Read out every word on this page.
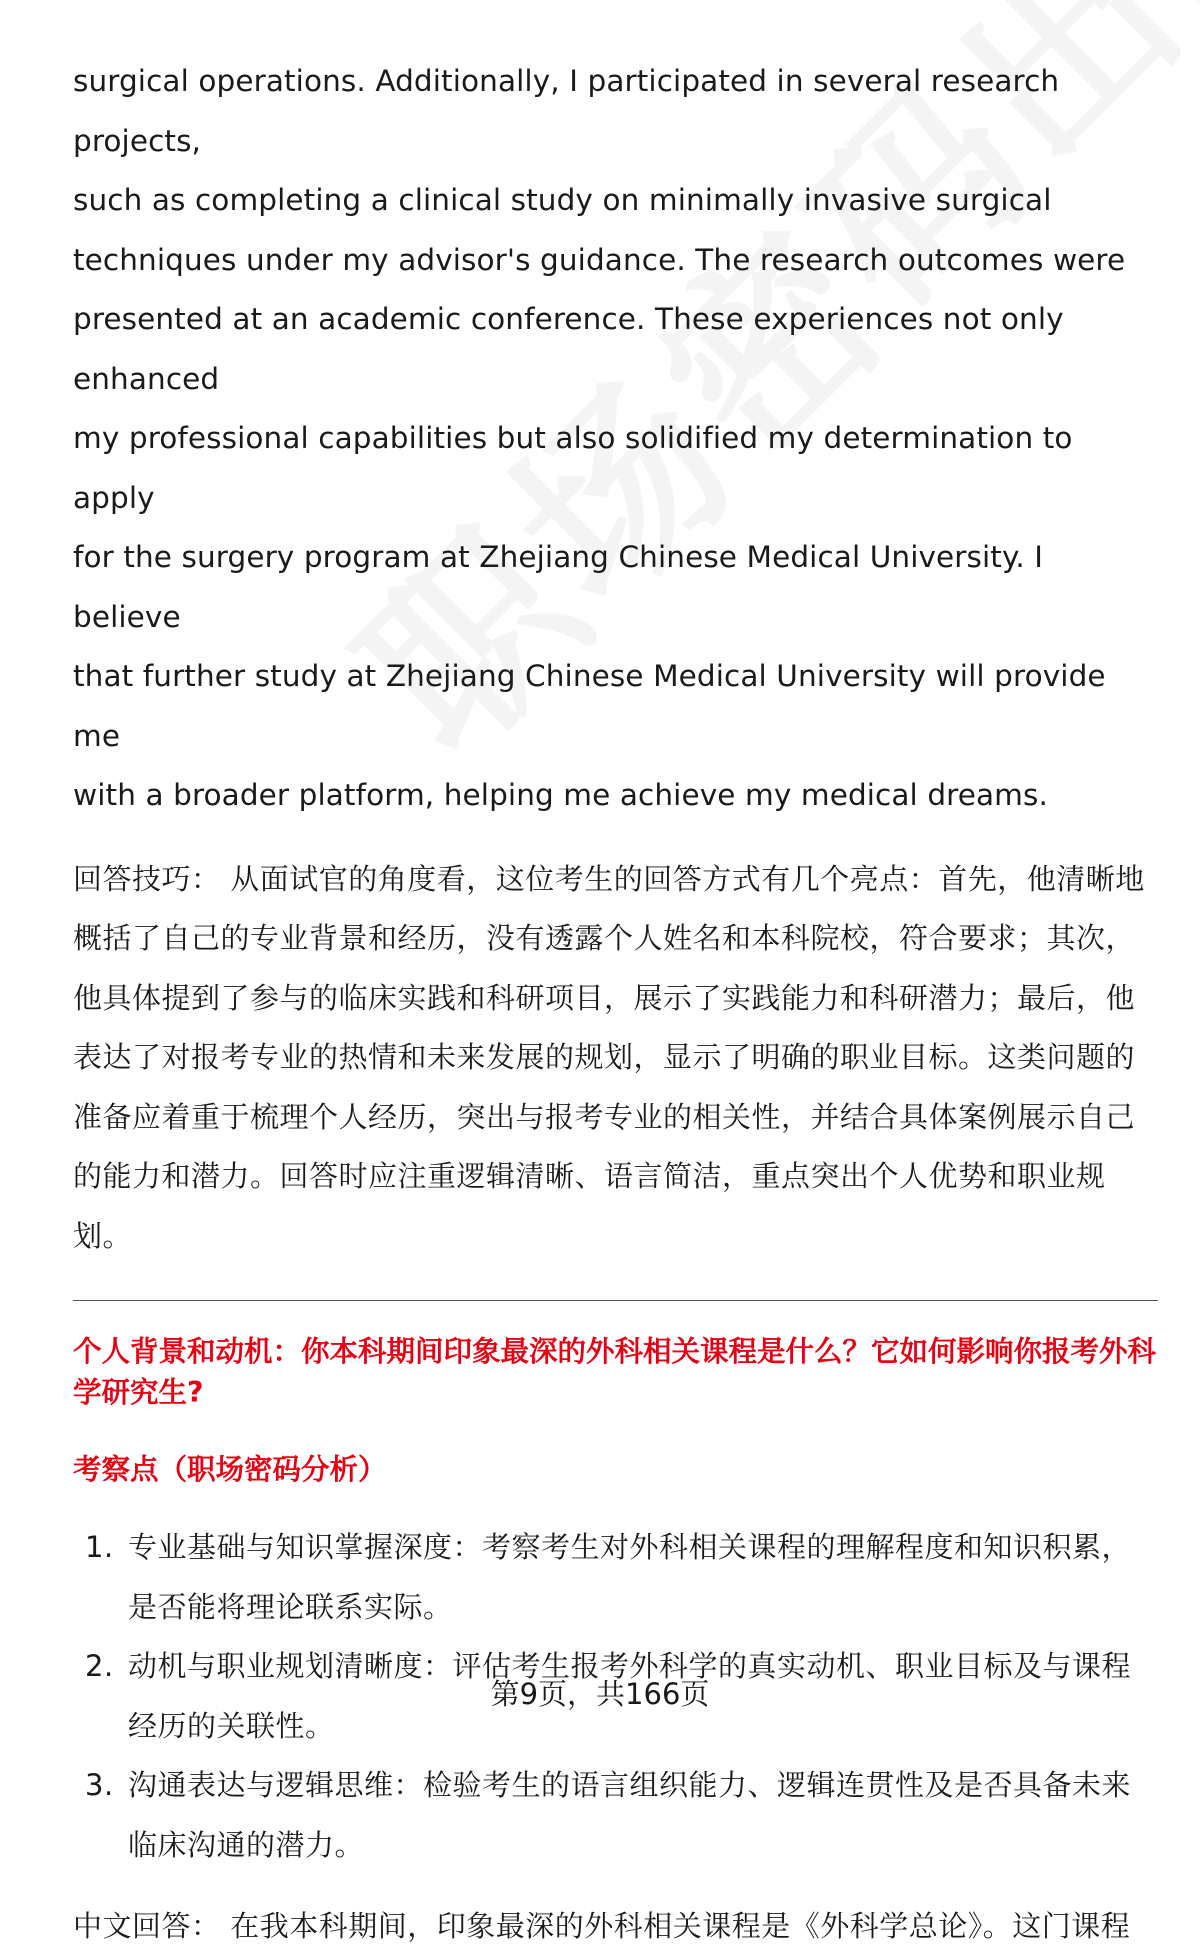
surgical operations. Additionally, I participated in several research projects,

such as completing a clinical study on minimally invasive surgical

techniques under my advisor's guidance. The research outcomes were

presented at an academic conference. These experiences not only enhanced

my professional capabilities but also solidified my determination to apply

for the surgery program at Zhejiang Chinese Medical University. I believe

that further study at Zhejiang Chinese Medical University will provide me

with a broader platform, helping me achieve my medical dreams.

回答技巧： 从面试官的角度看，这位考生的回答方式有几个亮点：首先，他清晰地概括了自己的专业背景和经历，没有透露个人姓名和本科院校，符合要求；其次，他具体提到了参与的临床实践和科研项目，展示了实践能力和科研潜力；最后，他表达了对报考专业的热情和未来发展的规划，显示了明确的职业目标。这类问题的准备应着重于梳理个人经历，突出与报考专业的相关性，并结合具体案例展示自己的能力和潜力。回答时应注重逻辑清晰、语言简洁，重点突出个人优势和职业规划。

个人背景和动机：你本科期间印象最深的外科相关课程是什么？它如何影响你报考外科学研究生?

考察点（职场密码分析）

1. 专业基础与知识掌握深度：考察考生对外科相关课程的理解程度和知识积累，是否能将理论联系实际。
2. 动机与职业规划清晰度：评估考生报考外科学的真实动机、职业目标及与课程经历的关联性。
3. 沟通表达与逻辑思维：检验考生的语言组织能力、逻辑连贯性及是否具备未来临床沟通的潜力。

中文回答： 在我本科期间，印象最深的外科相关课程是《外科学总论》。这门课程

第9页，共166页
